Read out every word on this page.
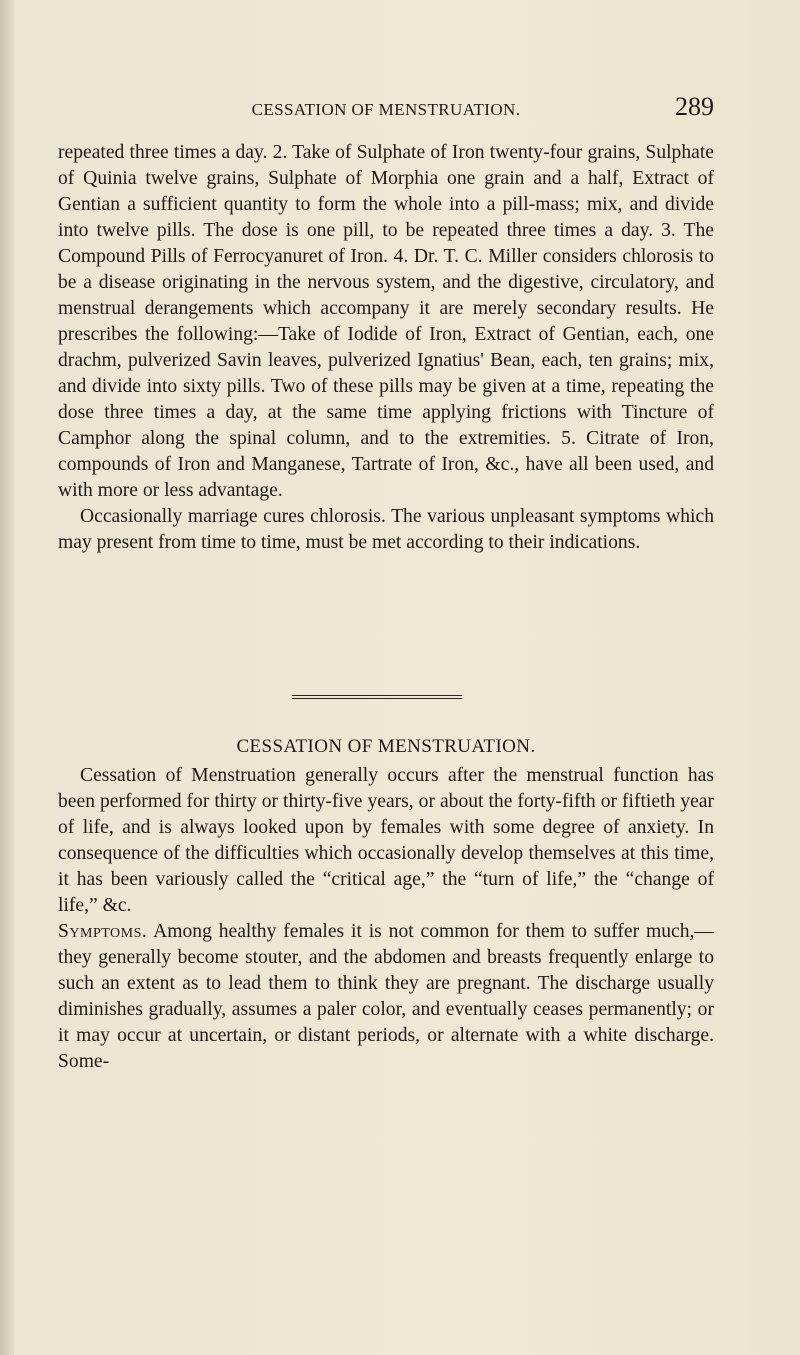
CESSATION OF MENSTRUATION.	289

repeated three times a day. 2. Take of Sulphate of Iron twenty-four grains, Sulphate of Quinia twelve grains, Sulphate of Morphia one grain and a half, Extract of Gentian a sufficient quantity to form the whole into a pill-mass; mix, and divide into twelve pills. The dose is one pill, to be repeated three times a day. 3. The Compound Pills of Ferrocyanuret of Iron. 4. Dr. T. C. Miller considers chlorosis to be a disease originating in the nervous system, and the digestive, circulatory, and menstrual derangements which accompany it are merely secondary results. He prescribes the following:—Take of Iodide of Iron, Extract of Gentian, each, one drachm, pulverized Savin leaves, pulverized Ignatius' Bean, each, ten grains; mix, and divide into sixty pills. Two of these pills may be given at a time, repeating the dose three times a day, at the same time applying frictions with Tincture of Camphor along the spinal column, and to the extremities. 5. Citrate of Iron, compounds of Iron and Manganese, Tartrate of Iron, &c., have all been used, and with more or less advantage.

Occasionally marriage cures chlorosis. The various unpleasant symptoms which may present from time to time, must be met according to their indications.

CESSATION OF MENSTRUATION.

Cessation of Menstruation generally occurs after the menstrual function has been performed for thirty or thirty-five years, or about the forty-fifth or fiftieth year of life, and is always looked upon by females with some degree of anxiety. In consequence of the difficulties which occasionally develop themselves at this time, it has been variously called the “critical age,” the “turn of life,” the “change of life,” &c.

Symptoms. Among healthy females it is not common for them to suffer much,—they generally become stouter, and the abdomen and breasts frequently enlarge to such an extent as to lead them to think they are pregnant. The discharge usually diminishes gradually, assumes a paler color, and eventually ceases permanently; or it may occur at uncertain, or distant periods, or alternate with a white discharge. Some-
